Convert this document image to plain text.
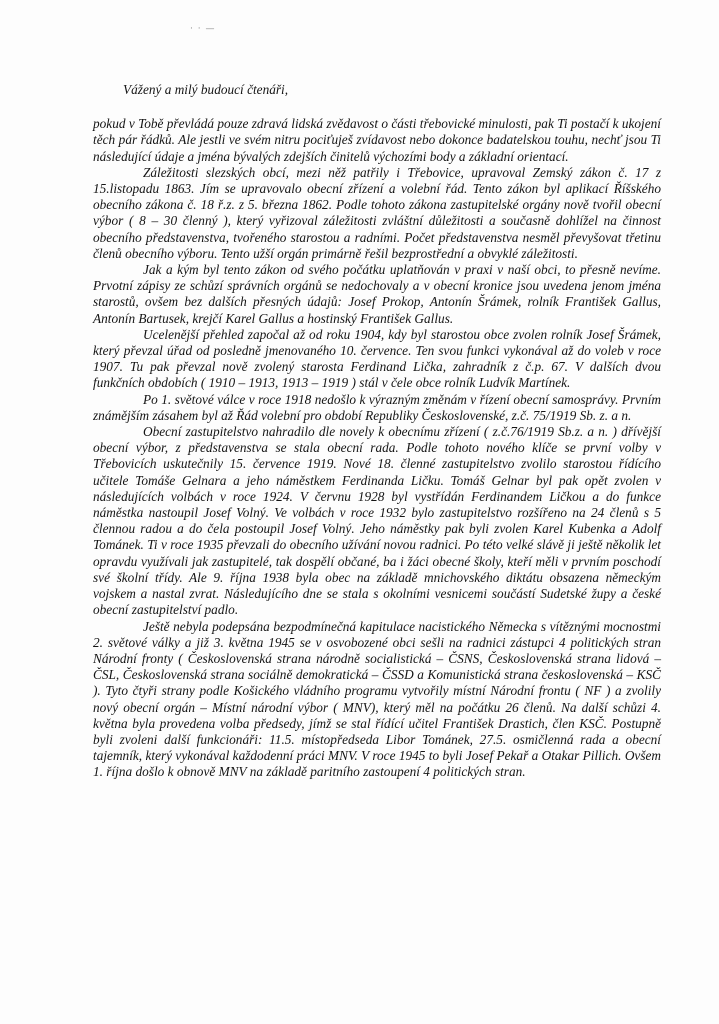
· · —

Vážený a milý budoucí čtenáři,

pokud v Tobě převládá pouze zdravá lidská zvědavost o části třebovické minulosti, pak Ti postačí k ukojení těch pár řádků. Ale jestli ve svém nitru pociťuješ zvídavost nebo dokonce badatelskou touhu, nechť jsou Ti následující údaje a jména bývalých zdejších činitelů výchozími body a základní orientací.

Záležitosti slezských obcí, mezi něž patřily i Třebovice, upravoval Zemský zákon č. 17 z 15.listopadu 1863. Jím se upravovalo obecní zřízení a volební řád. Tento zákon byl aplikací Říšského obecního zákona č. 18 ř.z. z 5. března 1862. Podle tohoto zákona zastupitelské orgány nově tvořil obecní výbor ( 8 – 30 členný ), který vyřizoval záležitosti zvláštní důležitosti a současně dohlížel na činnost obecního představenstva, tvořeného starostou a radními. Počet představenstva nesměl převyšovat třetinu členů obecního výboru. Tento užší orgán primárně řešil bezprostřední a obvyklé záležitosti.

Jak a kým byl tento zákon od svého počátku uplatňován v praxi v naší obci, to přesně nevíme. Prvotní zápisy ze schůzí správních orgánů se nedochovaly a v obecní kronice jsou uvedena jenom jména starostů, ovšem bez dalších přesných údajů: Josef Prokop, Antonín Šrámek, rolník František Gallus, Antonín Bartusek, krejčí Karel Gallus a hostinský František Gallus.

Ucelenější přehled započal až od roku 1904, kdy byl starostou obce zvolen rolník Josef Šrámek, který převzal úřad od posledně jmenovaného 10. července. Ten svou funkci vykonával až do voleb v roce 1907. Tu pak převzal nově zvolený starosta Ferdinand Lička, zahradník z č.p. 67. V dalších dvou funkčních obdobích ( 1910 – 1913, 1913 – 1919 ) stál v čele obce rolník Ludvík Martínek.

Po 1. světové válce v roce 1918 nedošlo k výrazným změnám v řízení obecní samosprávy. Prvním známějším zásahem byl až Řád volební pro období Republiky Československé, z.č. 75/1919 Sb. z. a n.

Obecní zastupitelstvo nahradilo dle novely k obecnímu zřízení ( z.č.76/1919 Sb.z. a n. ) dřívější obecní výbor, z představenstva se stala obecní rada. Podle tohoto nového klíče se první volby v Třebovicích uskutečnily 15. července 1919. Nové 18. členné zastupitelstvo zvolilo starostou řídícího učitele Tomáše Gelnara a jeho náměstkem Ferdinanda Ličku. Tomáš Gelnar byl pak opět zvolen v následujících volbách v roce 1924. V červnu 1928 byl vystřídán Ferdinandem Ličkou a do funkce náměstka nastoupil Josef Volný. Ve volbách v roce 1932 bylo zastupitelstvo rozšířeno na 24 členů s 5 člennou radou a do čela postoupil Josef Volný. Jeho náměstky pak byli zvolen Karel Kubenka a Adolf Tománek. Ti v roce 1935 převzali do obecního užívání novou radnici. Po této velké slávě ji ještě několik let opravdu využívali jak zastupitelé, tak dospělí občané, ba i žáci obecné školy, kteří měli v prvním poschodí své školní třídy. Ale 9. října 1938 byla obec na základě mnichovského diktátu obsazena německým vojskem a nastal zvrat. Následujícího dne se stala s okolními vesnicemi součástí Sudetské župy a české obecní zastupitelství padlo.

Ještě nebyla podepsána bezpodmínečná kapitulace nacistického Německa s vítěznými mocnostmi 2. světové války a již 3. května 1945 se v osvobozené obci sešli na radnici zástupci 4 politických stran Národní fronty ( Československá strana národně socialistická – ČSNS, Československá strana lidová – ČSL, Československá strana sociálně demokratická – ČSSD a Komunistická strana československá – KSČ ). Tyto čtyři strany podle Košického vládního programu vytvořily místní Národní frontu ( NF ) a zvolily nový obecní orgán – Místní národní výbor ( MNV), který měl na počátku 26 členů. Na další schůzi 4. května byla provedena volba předsedy, jímž se stal řídící učitel František Drastich, člen KSČ. Postupně byli zvoleni další funkcionáři: 11.5. místopředseda Libor Tománek, 27.5. osmičlenná rada a obecní tajemník, který vykonával každodenní práci MNV. V roce 1945 to byli Josef Pekař a Otakar Pillich. Ovšem 1. října došlo k obnově MNV na základě paritního zastoupení 4 politických stran.
